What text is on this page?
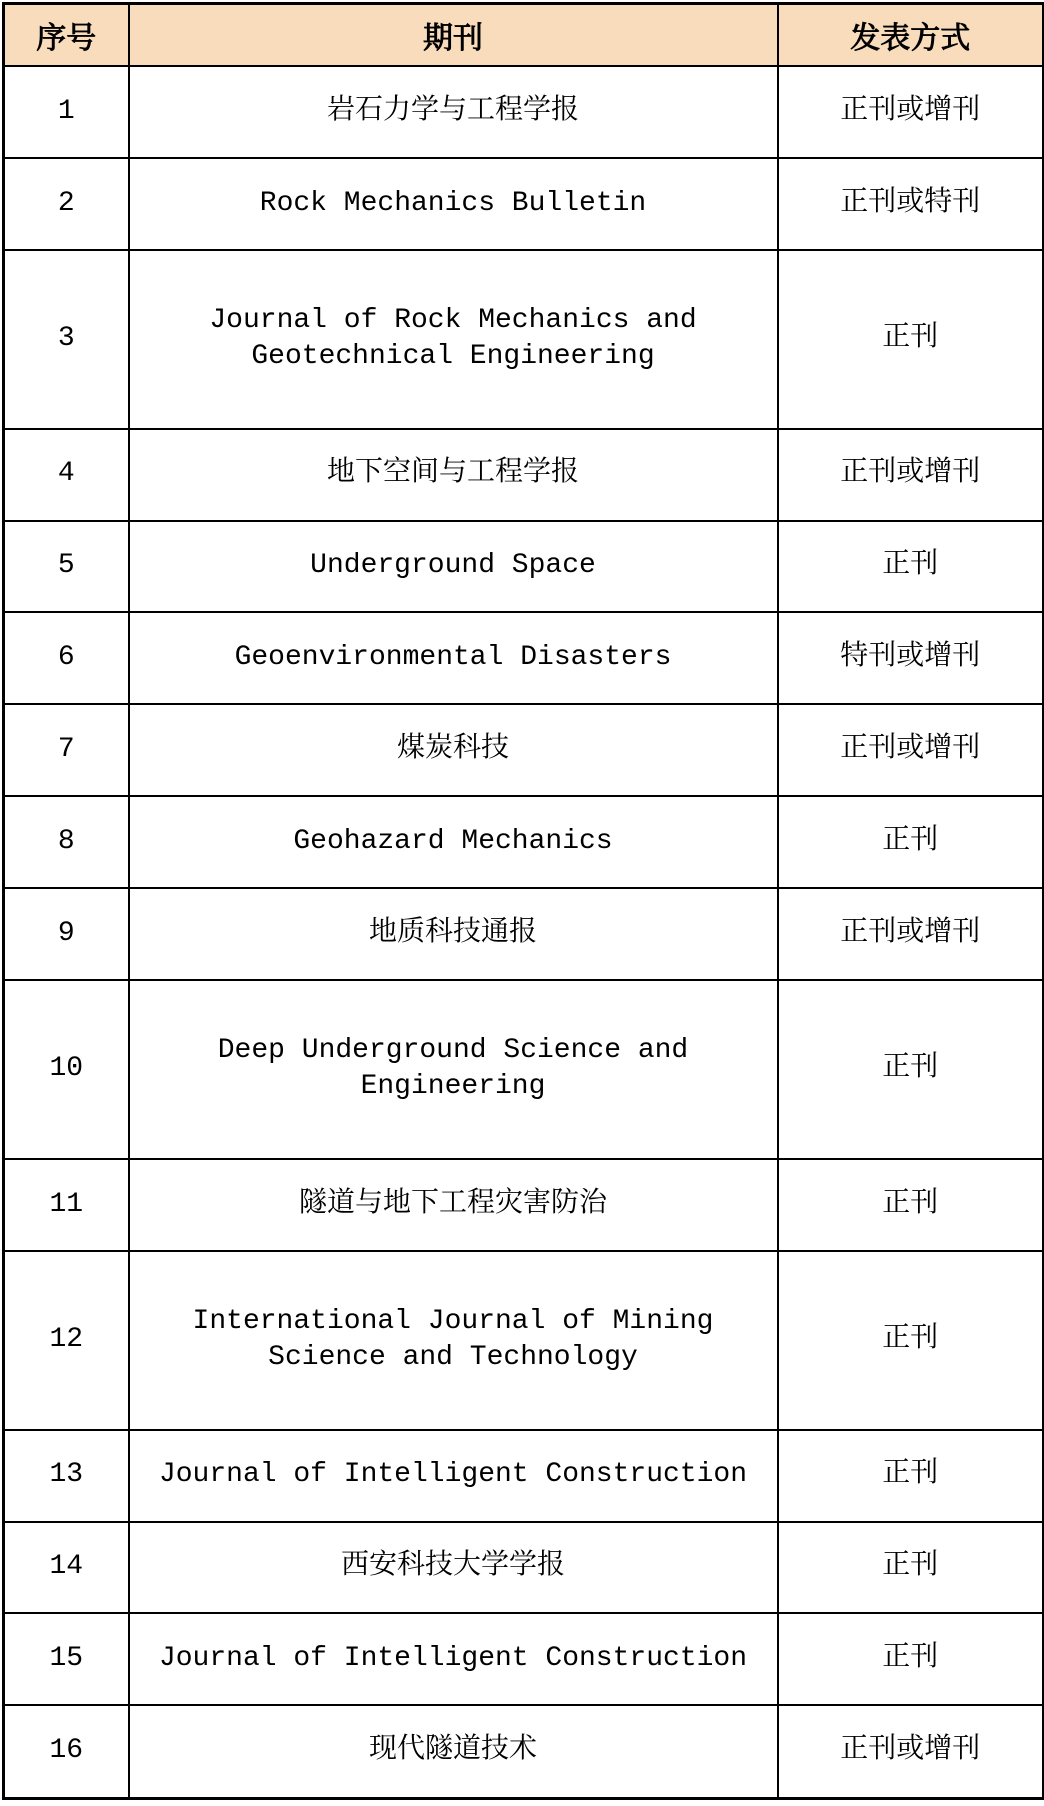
序号	期刊	发表方式
1	岩石力学与工程学报	正刊或增刊
2	Rock Mechanics Bulletin	正刊或特刊
3	Journal of Rock Mechanics and Geotechnical Engineering	正刊
4	地下空间与工程学报	正刊或增刊
5	Underground Space	正刊
6	Geoenvironmental Disasters	特刊或增刊
7	煤炭科技	正刊或增刊
8	Geohazard Mechanics	正刊
9	地质科技通报	正刊或增刊
10	Deep Underground Science and Engineering	正刊
11	隧道与地下工程灾害防治	正刊
12	International Journal of Mining Science and Technology	正刊
13	Journal of Intelligent Construction	正刊
14	西安科技大学学报	正刊
15	Journal of Intelligent Construction	正刊
16	现代隧道技术	正刊或增刊
